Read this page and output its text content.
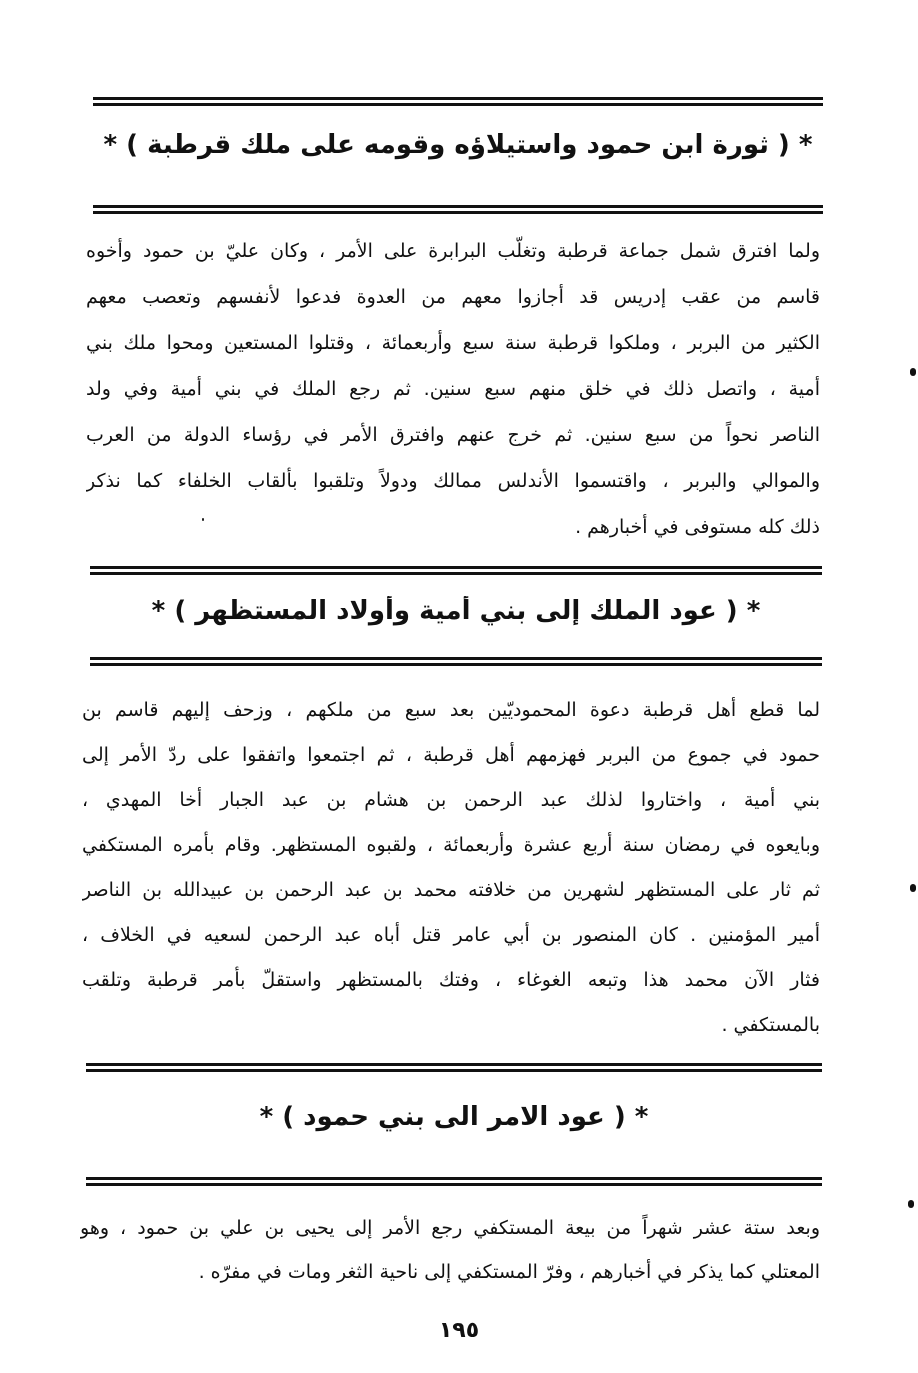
* ( ثورة ابن حمود واستيلاؤه وقومه على ملك قرطبة ) *
ولما افترق شمل جماعة قرطبة وتغلّب البرابرة على الأمر ، وكان عليّ بن حمود وأخوه
قاسم من عقب إدريس قد أجازوا معهم من العدوة فدعوا لأنفسهم وتعصب معهم
الكثير من البربر ، وملكوا قرطبة سنة سبع وأربعمائة ، وقتلوا المستعين ومحوا ملك بني
أمية ، واتصل ذلك في خلق منهم سبع سنين. ثم رجع الملك في بني أمية وفي ولد
الناصر نحواً من سبع سنين. ثم خرج عنهم وافترق الأمر في رؤساء الدولة من العرب
والموالي والبربر ، واقتسموا الأندلس ممالك ودولاً وتلقبوا بألقاب الخلفاء كما نذكر
ذلك كله مستوفى في أخبارهم .
* ( عود الملك إلى بني أمية وأولاد المستظهر ) *
لما قطع أهل قرطبة دعوة المحموديّين بعد سبع من ملكهم ، وزحف إليهم قاسم بن
حمود في جموع من البربر فهزمهم أهل قرطبة ، ثم اجتمعوا واتفقوا على ردّ الأمر إلى
بني أمية ، واختاروا لذلك عبد الرحمن بن هشام بن عبد الجبار أخا المهدي ،
وبايعوه في رمضان سنة أربع عشرة وأربعمائة ، ولقبوه المستظهر. وقام بأمره المستكفي
ثم ثار على المستظهر لشهرين من خلافته محمد بن عبد الرحمن بن عبيدالله بن الناصر
أمير المؤمنين . كان المنصور بن أبي عامر قتل أباه عبد الرحمن لسعيه في الخلاف ،
فثار الآن محمد هذا وتبعه الغوغاء ، وفتك بالمستظهر واستقلّ بأمر قرطبة وتلقب
بالمستكفي .
* ( عود الامر الى بني حمود ) *
وبعد ستة عشر شهراً من بيعة المستكفي رجع الأمر إلى يحيى بن علي بن حمود ، وهو
المعتلي كما يذكر في أخبارهم ، وفرّ المستكفي إلى ناحية الثغر ومات في مفرّه .
١٩٥
